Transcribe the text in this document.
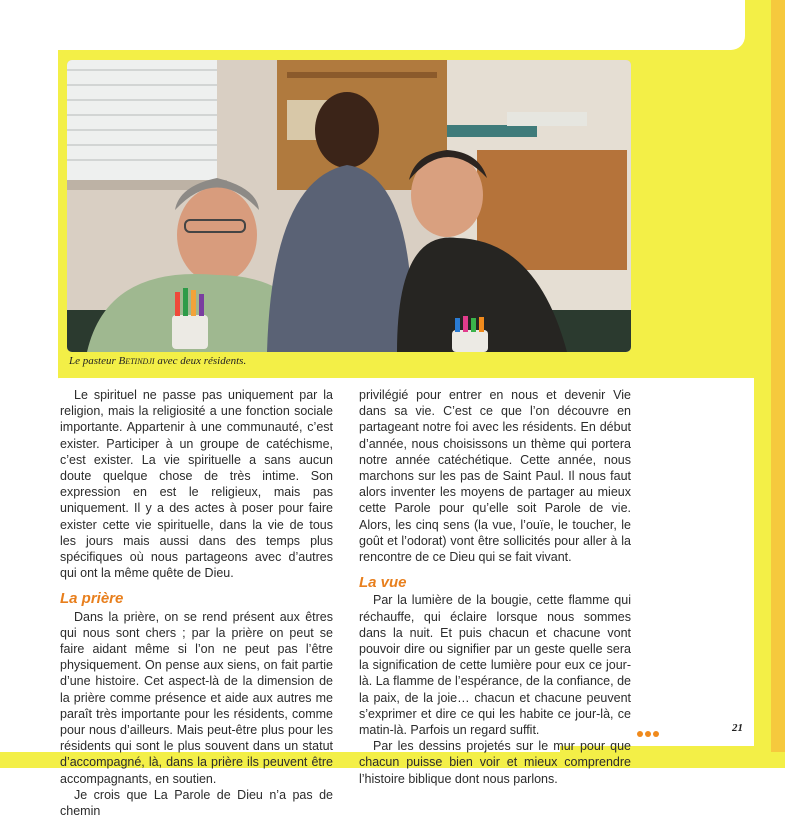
Le pasteur Betindji avec deux résidents.

Le spirituel ne passe pas uniquement par la religion, mais la religiosité a une fonction sociale importante. Appartenir à une communauté, c’est exister. Participer à un groupe de catéchisme, c’est exister. La vie spirituelle a sans aucun doute quelque chose de très intime. Son expression en est le religieux, mais pas uniquement. Il y a des actes à poser pour faire exister cette vie spirituelle, dans la vie de tous les jours mais aussi dans des temps plus spécifiques où nous partageons avec d’autres qui ont la même quête de Dieu.

La prière

Dans la prière, on se rend présent aux êtres qui nous sont chers ; par la prière on peut se faire aidant même si l’on ne peut pas l’être physiquement. On pense aux siens, on fait partie d’une histoire. Cet aspect-là de la dimension de la prière comme présence et aide aux autres me paraît très importante pour les résidents, comme pour nous d’ailleurs. Mais peut-être plus pour les résidents qui sont le plus souvent dans un statut d’accompagné, là, dans la prière ils peuvent être accompagnants, en soutien.

Je crois que La Parole de Dieu n’a pas de chemin

privilégié pour entrer en nous et devenir Vie dans sa vie. C’est ce que l’on découvre en partageant notre foi avec les résidents. En début d’année, nous choisissons un thème qui portera notre année catéchétique. Cette année, nous marchons sur les pas de Saint Paul. Il nous faut alors inventer les moyens de partager au mieux cette Parole pour qu’elle soit Parole de vie. Alors, les cinq sens (la vue, l’ouïe, le toucher, le goût et l’odorat) vont être sollicités pour aller à la rencontre de ce Dieu qui se fait vivant.

La vue

Par la lumière de la bougie, cette flamme qui réchauffe, qui éclaire lorsque nous sommes dans la nuit. Et puis chacun et chacune vont pouvoir dire ou signifier par un geste quelle sera la signification de cette lumière pour eux ce jour-là. La flamme de l’espérance, de la confiance, de la paix, de la joie… chacun et chacune peuvent s’exprimer et dire ce qui les habite ce jour-là, ce matin-là. Parfois un regard suffit.

Par les dessins projetés sur le mur pour que chacun puisse bien voir et mieux comprendre l’histoire biblique dont nous parlons.

21
